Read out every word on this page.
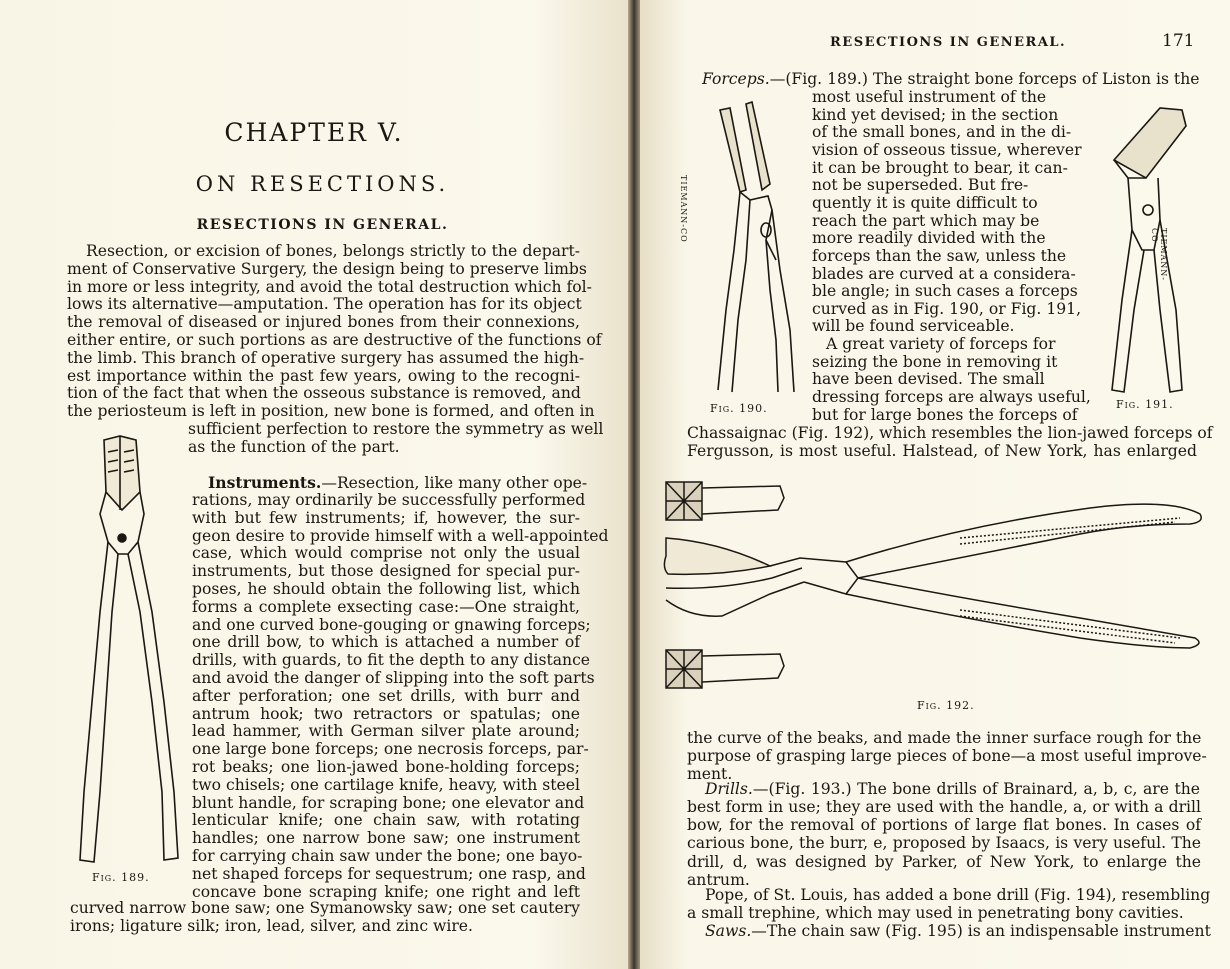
CHAPTER V.
ON RESECTIONS.
RESECTIONS IN GENERAL.
Resection, or excision of bones, belongs strictly to the depart-
ment of Conservative Surgery, the design being to preserve limbs
in more or less integrity, and avoid the total destruction which fol-
lows its alternative—amputation. The operation has for its object
the removal of diseased or injured bones from their connexions,
either entire, or such portions as are destructive of the functions of
the limb. This branch of operative surgery has assumed the high-
est importance within the past few years, owing to the recogni-
tion of the fact that when the osseous substance is removed, and
the periosteum is left in position, new bone is formed, and often in
sufficient perfection to restore the symmetry as well
as the function of the part.
Instruments.—Resection, like many other ope-
rations, may ordinarily be successfully performed
with but few instruments; if, however, the sur-
geon desire to provide himself with a well-appointed
case, which would comprise not only the usual
instruments, but those designed for special pur-
poses, he should obtain the following list, which
forms a complete exsecting case:—One straight,
and one curved bone-gouging or gnawing forceps;
one drill bow, to which is attached a number of
drills, with guards, to fit the depth to any distance
and avoid the danger of slipping into the soft parts
after perforation; one set drills, with burr and
antrum hook; two retractors or spatulas; one
lead hammer, with German silver plate around;
one large bone forceps; one necrosis forceps, par-
rot beaks; one lion-jawed bone-holding forceps;
two chisels; one cartilage knife, heavy, with steel
blunt handle, for scraping bone; one elevator and
lenticular knife; one chain saw, with rotating
handles; one narrow bone saw; one instrument
for carrying chain saw under the bone; one bayo-
net shaped forceps for sequestrum; one rasp, and
concave bone scraping knife; one right and left
curved narrow bone saw; one Symanowsky saw; one set cautery
irons; ligature silk; iron, lead, silver, and zinc wire.
Fig. 189.
RESECTIONS IN GENERAL.	171
Forceps.—(Fig. 189.) The straight bone forceps of Liston is the
most useful instrument of the
kind yet devised; in the section
of the small bones, and in the di-
vision of osseous tissue, wherever
it can be brought to bear, it can-
not be superseded. But fre-
quently it is quite difficult to
reach the part which may be
more readily divided with the
forceps than the saw, unless the
blades are curved at a considera-
ble angle; in such cases a forceps
curved as in Fig. 190, or Fig. 191,
will be found serviceable.
A great variety of forceps for
seizing the bone in removing it
have been devised. The small
dressing forceps are always useful,
but for large bones the forceps of
TIEMANN-CO
Fig. 190.
TIEMANN-CO
Fig. 191.
Chassaignac (Fig. 192), which resembles the lion-jawed forceps of
Fergusson, is most useful. Halstead, of New York, has enlarged
Fig. 192.
the curve of the beaks, and made the inner surface rough for the
purpose of grasping large pieces of bone—a most useful improve-
ment.
Drills.—(Fig. 193.) The bone drills of Brainard, a, b, c, are the
best form in use; they are used with the handle, a, or with a drill
bow, for the removal of portions of large flat bones. In cases of
carious bone, the burr, e, proposed by Isaacs, is very useful. The
drill, d, was designed by Parker, of New York, to enlarge the
antrum.
Pope, of St. Louis, has added a bone drill (Fig. 194), resembling
a small trephine, which may used in penetrating bony cavities.
Saws.—The chain saw (Fig. 195) is an indispensable instrument
